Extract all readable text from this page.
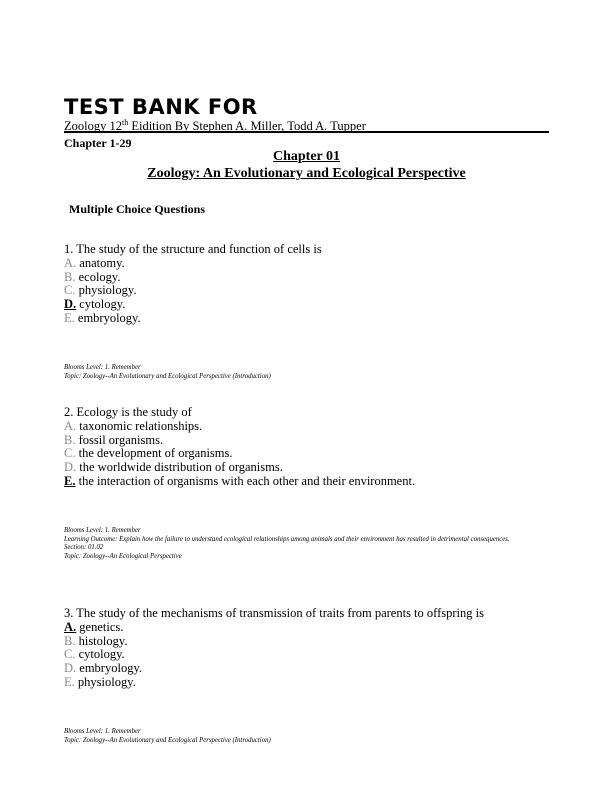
TEST BANK FOR
Zoology 12th Eidition By Stephen A. Miller, Todd A. Tupper
Chapter 1-29
Chapter 01
Zoology: An Evolutionary and Ecological Perspective
Multiple Choice Questions
1. The study of the structure and function of cells is
A. anatomy.
B. ecology.
C. physiology.
D. cytology.
E. embryology.
Blooms Level: 1. Remember
Topic: Zoology--An Evolutionary and Ecological Perspective (Introduction)
2. Ecology is the study of
A. taxonomic relationships.
B. fossil organisms.
C. the development of organisms.
D. the worldwide distribution of organisms.
E. the interaction of organisms with each other and their environment.
Blooms Level: 1. Remember
Learning Outcome: Explain how the failure to understand ecological relationships among animals and their environment has resulted in detrimental consequences.
Section: 01.02
Topic: Zoology--An Ecological Perspective
3. The study of the mechanisms of transmission of traits from parents to offspring is
A. genetics.
B. histology.
C. cytology.
D. embryology.
E. physiology.
Blooms Level: 1. Remember
Topic: Zoology--An Evolutionary and Ecological Perspective (Introduction)
